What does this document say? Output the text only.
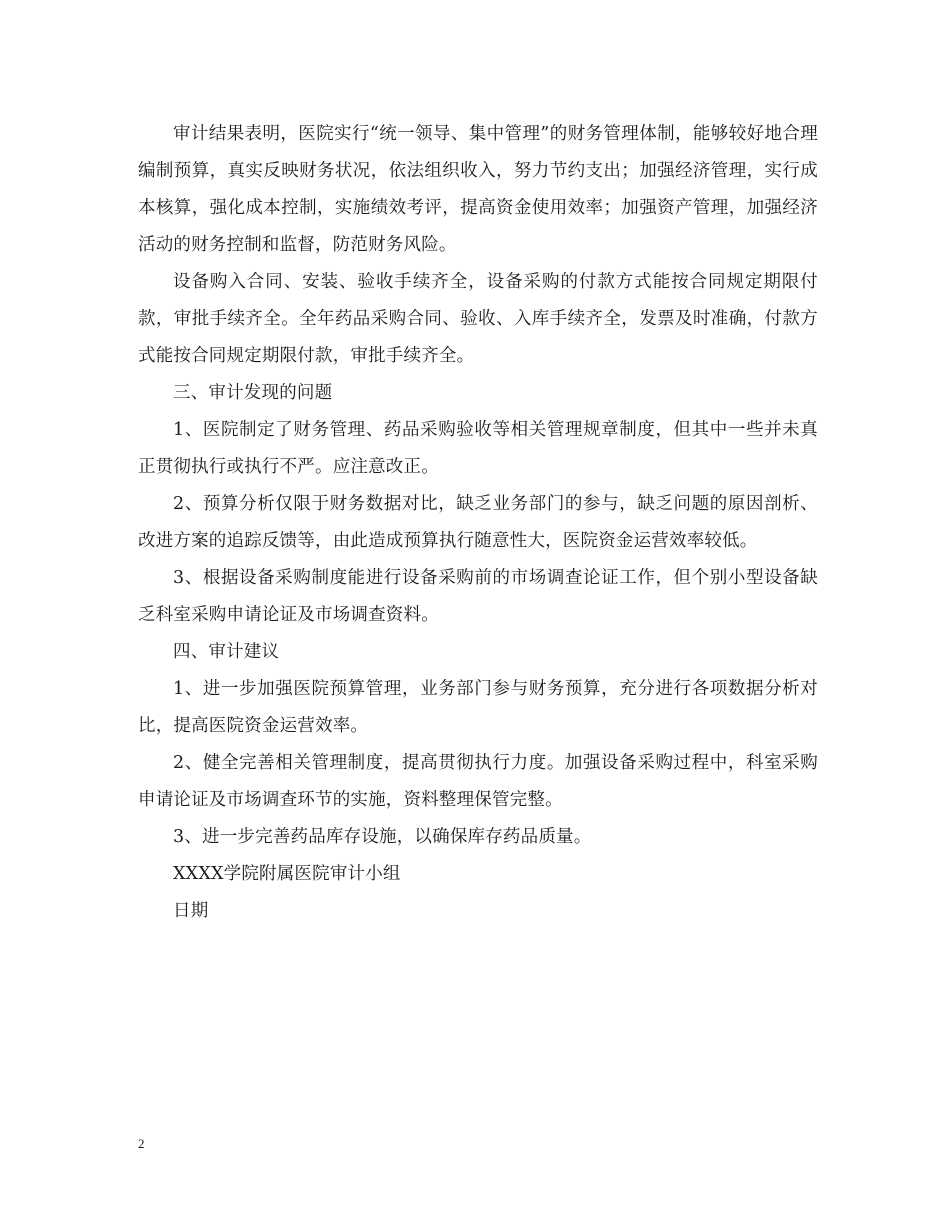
审计结果表明，医院实行“统一领导、集中管理”的财务管理体制，能够较好地合理编制预算，真实反映财务状况，依法组织收入，努力节约支出；加强经济管理，实行成本核算，强化成本控制，实施绩效考评，提高资金使用效率；加强资产管理，加强经济活动的财务控制和监督，防范财务风险。

设备购入合同、安装、验收手续齐全，设备采购的付款方式能按合同规定期限付款，审批手续齐全。全年药品采购合同、验收、入库手续齐全，发票及时准确，付款方式能按合同规定期限付款，审批手续齐全。

三、审计发现的问题

1、医院制定了财务管理、药品采购验收等相关管理规章制度，但其中一些并未真正贯彻执行或执行不严。应注意改正。

2、预算分析仅限于财务数据对比，缺乏业务部门的参与，缺乏问题的原因剖析、改进方案的追踪反馈等，由此造成预算执行随意性大，医院资金运营效率较低。

3、根据设备采购制度能进行设备采购前的市场调查论证工作，但个别小型设备缺乏科室采购申请论证及市场调查资料。

四、审计建议

1、进一步加强医院预算管理，业务部门参与财务预算，充分进行各项数据分析对比，提高医院资金运营效率。

2、健全完善相关管理制度，提高贯彻执行力度。加强设备采购过程中，科室采购申请论证及市场调查环节的实施，资料整理保管完整。

3、进一步完善药品库存设施，以确保库存药品质量。

XXXX学院附属医院审计小组

日期

2
